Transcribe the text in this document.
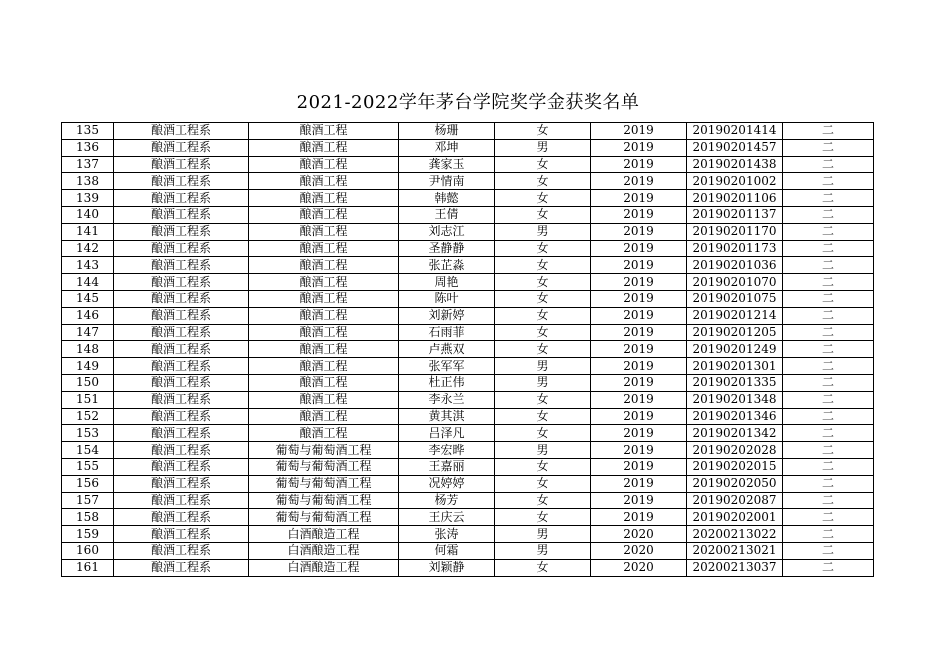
2021-2022学年茅台学院奖学金获奖名单
135	酿酒工程系	酿酒工程	杨珊	女	2019	20190201414	二
136	酿酒工程系	酿酒工程	邓坤	男	2019	20190201457	二
137	酿酒工程系	酿酒工程	龚家玉	女	2019	20190201438	二
138	酿酒工程系	酿酒工程	尹情南	女	2019	20190201002	二
139	酿酒工程系	酿酒工程	韩懿	女	2019	20190201106	二
140	酿酒工程系	酿酒工程	王倩	女	2019	20190201137	二
141	酿酒工程系	酿酒工程	刘志江	男	2019	20190201170	二
142	酿酒工程系	酿酒工程	圣静静	女	2019	20190201173	二
143	酿酒工程系	酿酒工程	张芷淼	女	2019	20190201036	二
144	酿酒工程系	酿酒工程	周艳	女	2019	20190201070	二
145	酿酒工程系	酿酒工程	陈叶	女	2019	20190201075	二
146	酿酒工程系	酿酒工程	刘新婷	女	2019	20190201214	二
147	酿酒工程系	酿酒工程	石雨菲	女	2019	20190201205	二
148	酿酒工程系	酿酒工程	卢燕双	女	2019	20190201249	二
149	酿酒工程系	酿酒工程	张军军	男	2019	20190201301	二
150	酿酒工程系	酿酒工程	杜正伟	男	2019	20190201335	二
151	酿酒工程系	酿酒工程	李永兰	女	2019	20190201348	二
152	酿酒工程系	酿酒工程	黄其淇	女	2019	20190201346	二
153	酿酒工程系	酿酒工程	吕泽凡	女	2019	20190201342	二
154	酿酒工程系	葡萄与葡萄酒工程	李宏晔	男	2019	20190202028	二
155	酿酒工程系	葡萄与葡萄酒工程	王嘉丽	女	2019	20190202015	二
156	酿酒工程系	葡萄与葡萄酒工程	况婷婷	女	2019	20190202050	二
157	酿酒工程系	葡萄与葡萄酒工程	杨芳	女	2019	20190202087	二
158	酿酒工程系	葡萄与葡萄酒工程	王庆云	女	2019	20190202001	二
159	酿酒工程系	白酒酿造工程	张涛	男	2020	20200213022	二
160	酿酒工程系	白酒酿造工程	何霜	男	2020	20200213021	二
161	酿酒工程系	白酒酿造工程	刘颖静	女	2020	20200213037	二
